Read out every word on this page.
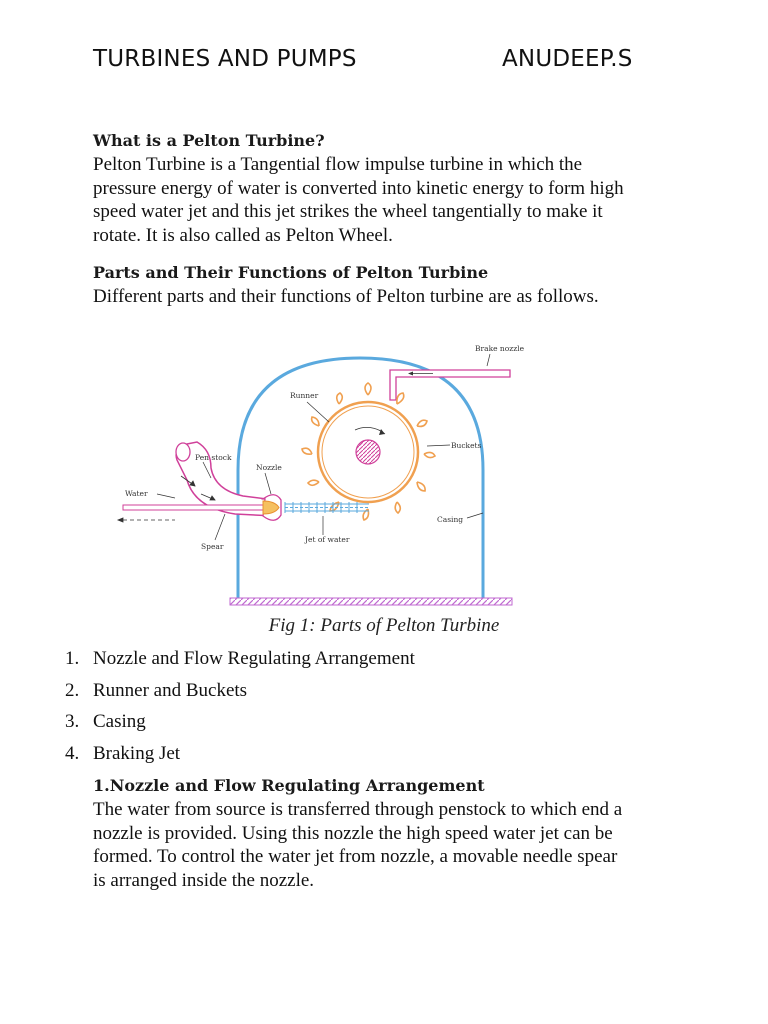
TURBINES AND PUMPS	ANUDEEP.S
What is a Pelton Turbine?

Pelton Turbine is a Tangential flow impulse turbine in which the

pressure energy of water is converted into kinetic energy to form high

speed water jet and this jet strikes the wheel tangentially to make it

rotate. It is also called as Pelton Wheel.

Parts and Their Functions of Pelton Turbine

Different parts and their functions of Pelton turbine are as follows.

Brake nozzle
Runner
Buckets
Pen stock
Nozzle
Water
Casing
Spear
Jet of water
Fig 1: Parts of Pelton Turbine
1. Nozzle and Flow Regulating Arrangement
2. Runner and Buckets
3. Casing
4. Braking Jet
1.Nozzle and Flow Regulating Arrangement

The water from source is transferred through penstock to which end a

nozzle is provided. Using this nozzle the high speed water jet can be

formed. To control the water jet from nozzle, a movable needle spear

is arranged inside the nozzle.
